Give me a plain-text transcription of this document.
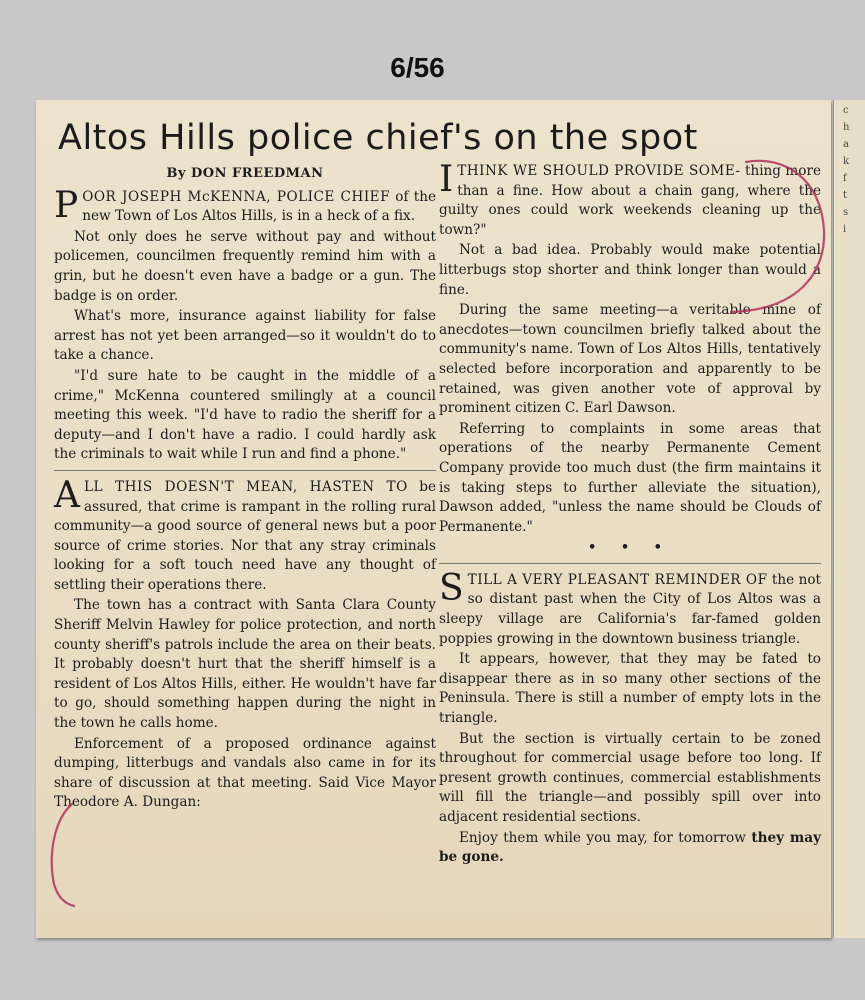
6/56
Altos Hills police chief's on the spot
By DON FREEDMAN

POOR JOSEPH McKENNA, POLICE CHIEF of the new Town of Los Altos Hills, is in a heck of a fix.

Not only does he serve without pay and without policemen, councilmen frequently remind him with a grin, but he doesn't even have a badge or a gun. The badge is on order.

What's more, insurance against liability for false arrest has not yet been arranged—so it wouldn't do to take a chance.

"I'd sure hate to be caught in the middle of a crime," McKenna countered smilingly at a council meeting this week. "I'd have to radio the sheriff for a deputy—and I don't have a radio. I could hardly ask the criminals to wait while I run and find a phone."

ALL THIS DOESN'T MEAN, HASTEN TO be assured, that crime is rampant in the rolling rural community—a good source of general news but a poor source of crime stories. Nor that any stray criminals looking for a soft touch need have any thought of settling their operations there.

The town has a contract with Santa Clara County Sheriff Melvin Hawley for police protection, and north county sheriff's patrols include the area on their beats. It probably doesn't hurt that the sheriff himself is a resident of Los Altos Hills, either. He wouldn't have far to go, should something happen during the night in the town he calls home.

Enforcement of a proposed ordinance against dumping, litterbugs and vandals also came in for its share of discussion at that meeting. Said Vice Mayor Theodore A. Dungan:

ITHINK WE SHOULD PROVIDE SOME- thing more than a fine. How about a chain gang, where the guilty ones could work weekends cleaning up the town?"

Not a bad idea. Probably would make potential litterbugs stop shorter and think longer than would a fine.

During the same meeting—a veritable mine of anecdotes—town councilmen briefly talked about the community's name. Town of Los Altos Hills, tentatively selected before incorporation and apparently to be retained, was given another vote of approval by prominent citizen C. Earl Dawson.

Referring to complaints in some areas that operations of the nearby Permanente Cement Company provide too much dust (the firm maintains it is taking steps to further alleviate the situation), Dawson added, "unless the name should be Clouds of Permanente."

• • •

STILL A VERY PLEASANT REMINDER OF the not so distant past when the City of Los Altos was a sleepy village are California's far-famed golden poppies growing in the downtown business triangle.

It appears, however, that they may be fated to disappear there as in so many other sections of the Peninsula. There is still a number of empty lots in the triangle.

But the section is virtually certain to be zoned throughout for commercial usage before too long. If present growth continues, commercial establishments will fill the triangle—and possibly spill over into adjacent residential sections.

Enjoy them while you may, for tomorrow they may be gone.

c
h
a
k
f
t
s
i
